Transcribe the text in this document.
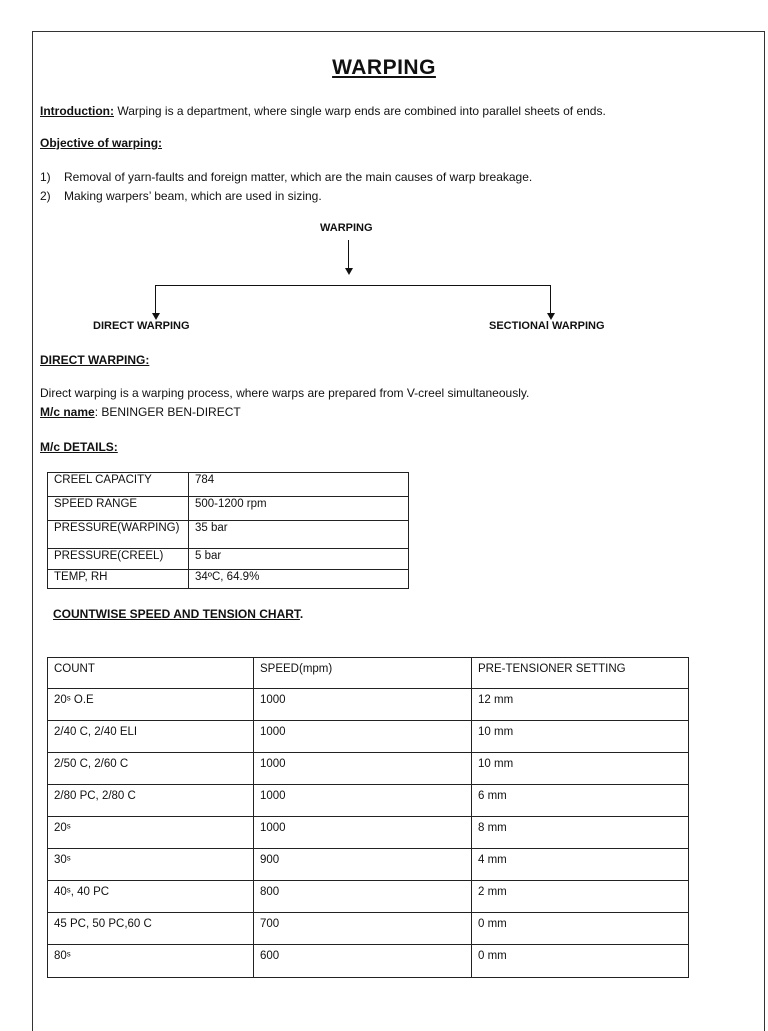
WARPING
Introduction: Warping is a department, where single warp ends are combined into parallel sheets of ends.
Objective of warping:
1) Removal of yarn-faults and foreign matter, which are the main causes of warp breakage.
2) Making warpers’ beam, which are used in sizing.
WARPING
DIRECT WARPING	SECTIONAl WARPING
DIRECT WARPING:
Direct warping is a warping process, where warps are prepared from V-creel simultaneously.
M/c name: BENINGER BEN-DIRECT
M/c DETAILS:
CREEL CAPACITY	784
SPEED RANGE	500-1200 rpm
PRESSURE(WARPING)	35 bar
PRESSURE(CREEL)	5 bar
TEMP, RH	34ºC, 64.9%
COUNTWISE SPEED AND TENSION CHART.
COUNT	SPEED(mpm)	PRE-TENSIONER SETTING
20ˢ O.E	1000	12 mm
2/40 C, 2/40 ELI	1000	10 mm
2/50 C, 2/60 C	1000	10 mm
2/80 PC, 2/80 C	1000	6 mm
20ˢ	1000	8 mm
30ˢ	900	4 mm
40ˢ, 40 PC	800	2 mm
45 PC, 50 PC,60 C	700	0 mm
80ˢ	600	0 mm
